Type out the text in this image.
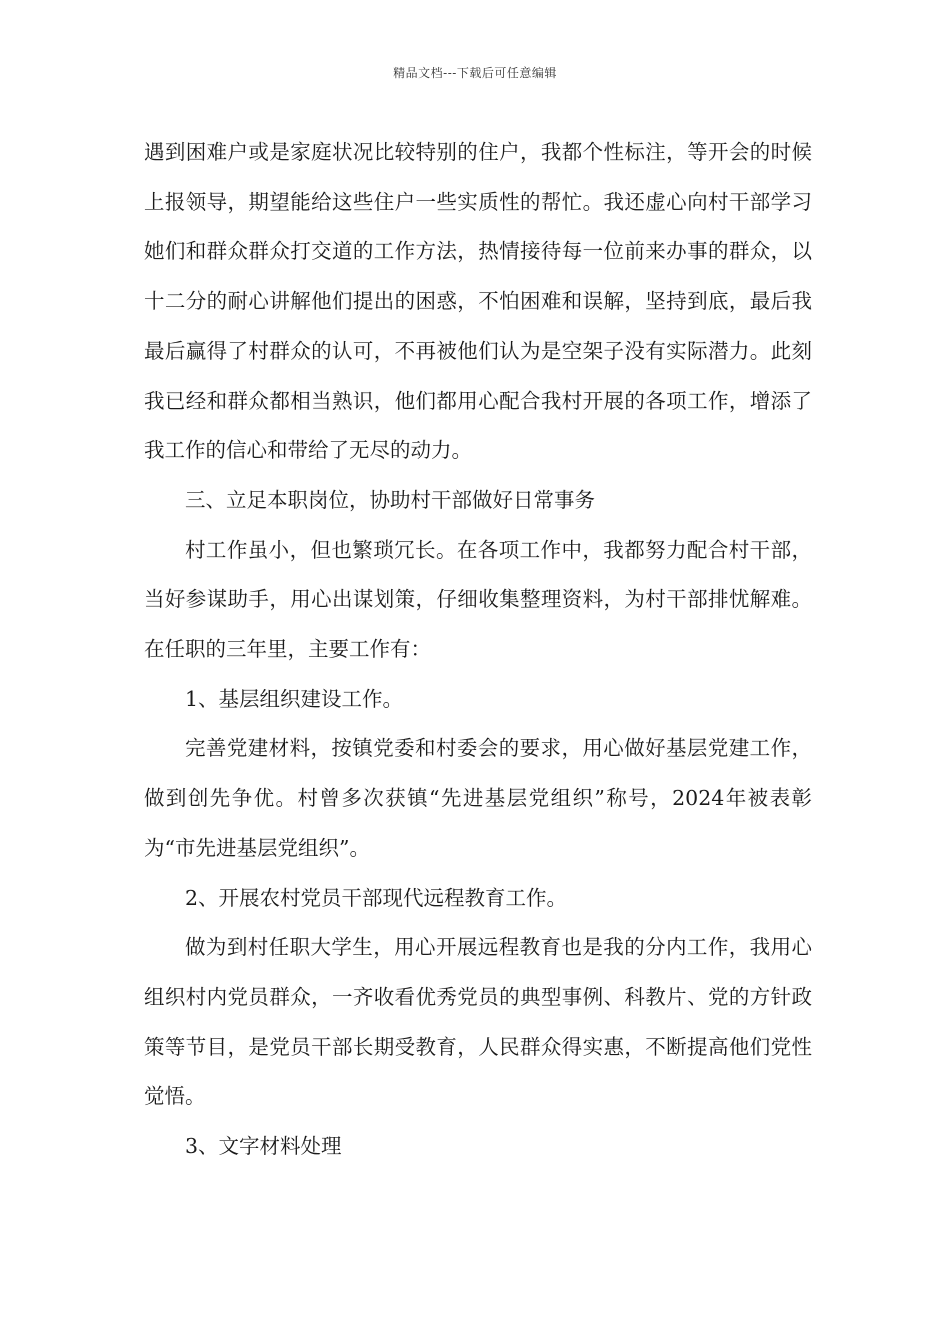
精品文档---下载后可任意编辑

遇到困难户或是家庭状况比较特别的住户，我都个性标注，等开会的时候上报领导，期望能给这些住户一些实质性的帮忙。我还虚心向村干部学习她们和群众群众打交道的工作方法，热情接待每一位前来办事的群众，以十二分的耐心讲解他们提出的困惑，不怕困难和误解，坚持到底，最后我最后赢得了村群众的认可，不再被他们认为是空架子没有实际潜力。此刻我已经和群众都相当熟识，他们都用心配合我村开展的各项工作，增添了我工作的信心和带给了无尽的动力。

三、立足本职岗位，协助村干部做好日常事务

村工作虽小，但也繁琐冗长。在各项工作中，我都努力配合村干部，当好参谋助手，用心出谋划策，仔细收集整理资料，为村干部排忧解难。在任职的三年里，主要工作有：

1、基层组织建设工作。

完善党建材料，按镇党委和村委会的要求，用心做好基层党建工作，做到创先争优。村曾多次获镇“先进基层党组织”称号，2024年被表彰为“市先进基层党组织”。

2、开展农村党员干部现代远程教育工作。

做为到村任职大学生，用心开展远程教育也是我的分内工作，我用心组织村内党员群众，一齐收看优秀党员的典型事例、科教片、党的方针政策等节目，是党员干部长期受教育，人民群众得实惠，不断提高他们党性觉悟。

3、文字材料处理
